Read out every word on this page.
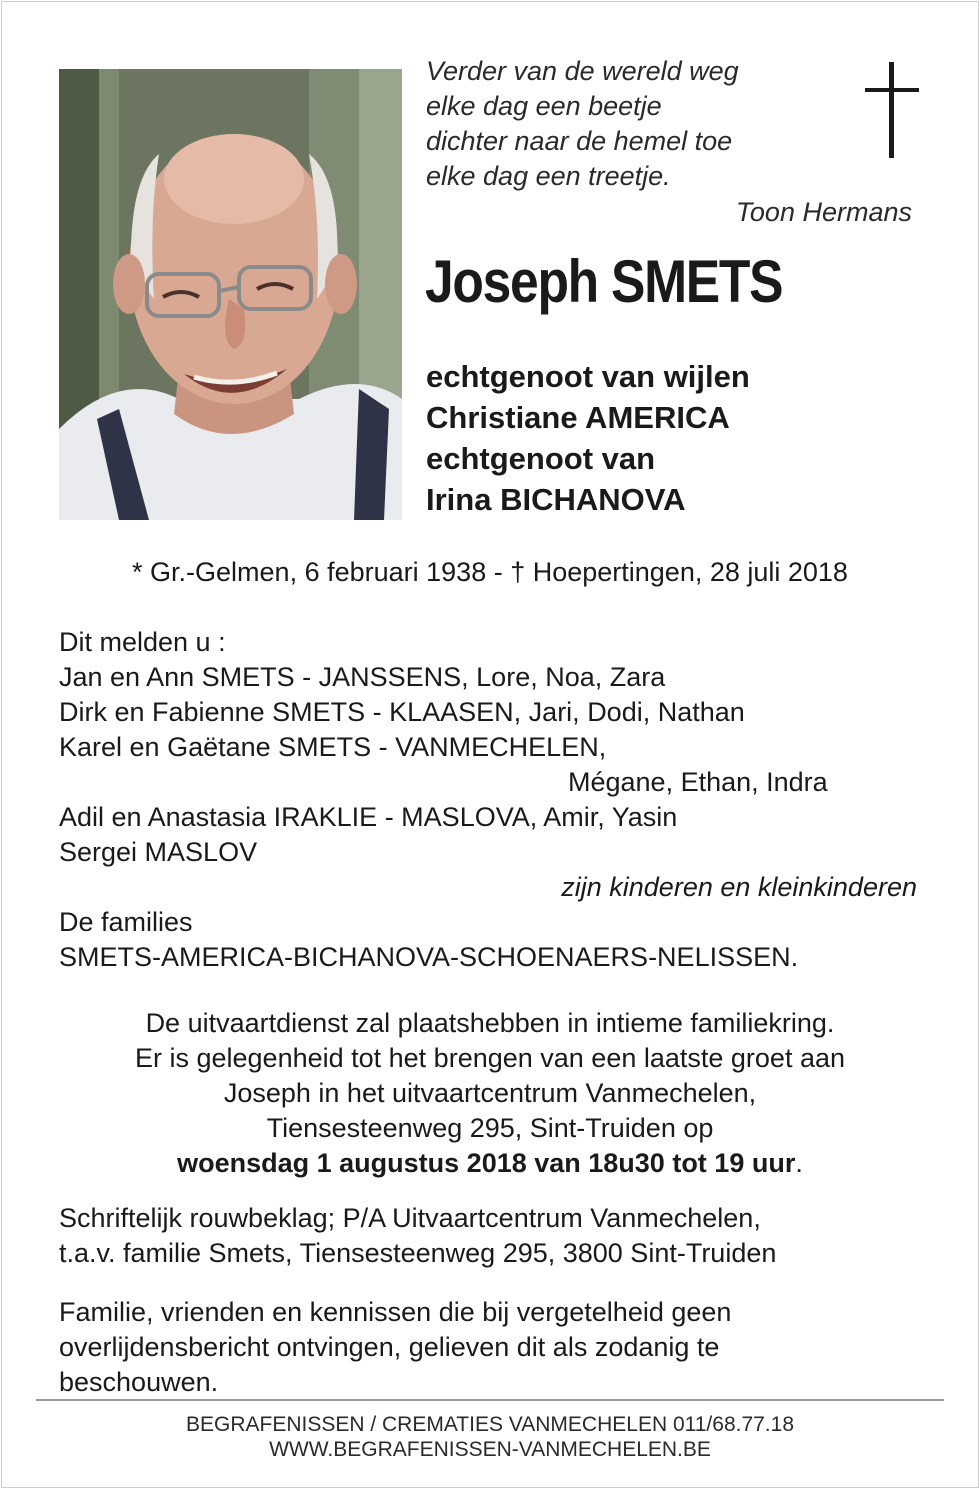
Verder van de wereld weg
elke dag een beetje
dichter naar de hemel toe
elke dag een treetje.
Toon Hermans
Joseph SMETS
echtgenoot van wijlen
Christiane AMERICA
echtgenoot van
Irina BICHANOVA
* Gr.-Gelmen, 6 februari 1938 - † Hoepertingen, 28 juli 2018
Dit melden u :
Jan en Ann SMETS - JANSSENS, Lore, Noa, Zara
Dirk en Fabienne SMETS - KLAASEN, Jari, Dodi, Nathan
Karel en Gaëtane SMETS - VANMECHELEN,
Mégane, Ethan, Indra
Adil en Anastasia IRAKLIE - MASLOVA, Amir, Yasin
Sergei MASLOV
zijn kinderen en kleinkinderen
De families
SMETS-AMERICA-BICHANOVA-SCHOENAERS-NELISSEN.
De uitvaartdienst zal plaatshebben in intieme familiekring.
Er is gelegenheid tot het brengen van een laatste groet aan
Joseph in het uitvaartcentrum Vanmechelen,
Tiensesteenweg 295, Sint-Truiden op
woensdag 1 augustus 2018 van 18u30 tot 19 uur.
Schriftelijk rouwbeklag; P/A Uitvaartcentrum Vanmechelen,
t.a.v. familie Smets, Tiensesteenweg 295, 3800 Sint-Truiden
Familie, vrienden en kennissen die bij vergetelheid geen
overlijdensbericht ontvingen, gelieven dit als zodanig te
beschouwen.
BEGRAFENISSEN / CREMATIES VANMECHELEN 011/68.77.18
WWW.BEGRAFENISSEN-VANMECHELEN.BE
